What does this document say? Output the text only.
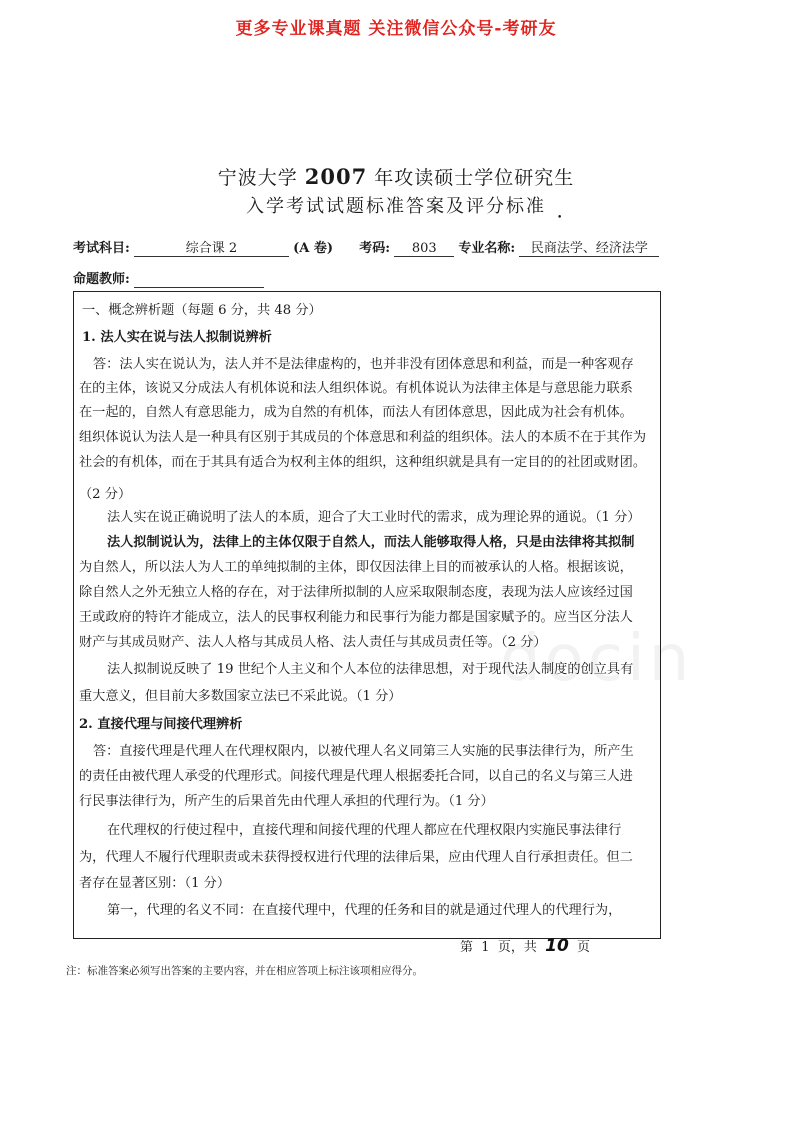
更多专业课真题 关注微信公众号-考研友
宁波大学 2007 年攻读硕士学位研究生
入学考试试题标准答案及评分标准
•
考试科目:	综合课 2	(A 卷) 考码: 803 专业名称: 民商法学、经济法学
命题教师:
docin
一、概念辨析题（每题 6 分，共 48 分）
1. 法人实在说与法人拟制说辨析
答：法人实在说认为，法人并不是法律虚构的，也并非没有团体意思和利益，而是一种客观存
在的主体，该说又分成法人有机体说和法人组织体说。有机体说认为法律主体是与意思能力联系
在一起的，自然人有意思能力，成为自然的有机体，而法人有团体意思，因此成为社会有机体。
组织体说认为法人是一种具有区别于其成员的个体意思和利益的组织体。法人的本质不在于其作为
社会的有机体，而在于其具有适合为权利主体的组织，这种组织就是具有一定目的的社团或财团。
（2 分）
法人实在说正确说明了法人的本质，迎合了大工业时代的需求，成为理论界的通说。（1 分）
法人拟制说认为，法律上的主体仅限于自然人，而法人能够取得人格，只是由法律将其拟制
为自然人，所以法人为人工的单纯拟制的主体，即仅因法律上目的而被承认的人格。根据该说，
除自然人之外无独立人格的存在，对于法律所拟制的人应采取限制态度，表现为法人应该经过国
王或政府的特许才能成立，法人的民事权利能力和民事行为能力都是国家赋予的。应当区分法人
财产与其成员财产、法人人格与其成员人格、法人责任与其成员责任等。（2 分）
法人拟制说反映了 19 世纪个人主义和个人本位的法律思想，对于现代法人制度的创立具有
重大意义，但目前大多数国家立法已不采此说。（1 分）
2. 直接代理与间接代理辨析
答：直接代理是代理人在代理权限内，以被代理人名义同第三人实施的民事法律行为，所产生
的责任由被代理人承受的代理形式。间接代理是代理人根据委托合同，以自己的名义与第三人进
行民事法律行为，所产生的后果首先由代理人承担的代理行为。（1 分）
在代理权的行使过程中，直接代理和间接代理的代理人都应在代理权限内实施民事法律行
为，代理人不履行代理职责或未获得授权进行代理的法律后果，应由代理人自行承担责任。但二
者存在显著区别：（1 分）
第一，代理的名义不同：在直接代理中，代理的任务和目的就是通过代理人的代理行为，
第 1 页，共 10 页
注：标准答案必须写出答案的主要内容，并在相应答项上标注该项相应得分。
